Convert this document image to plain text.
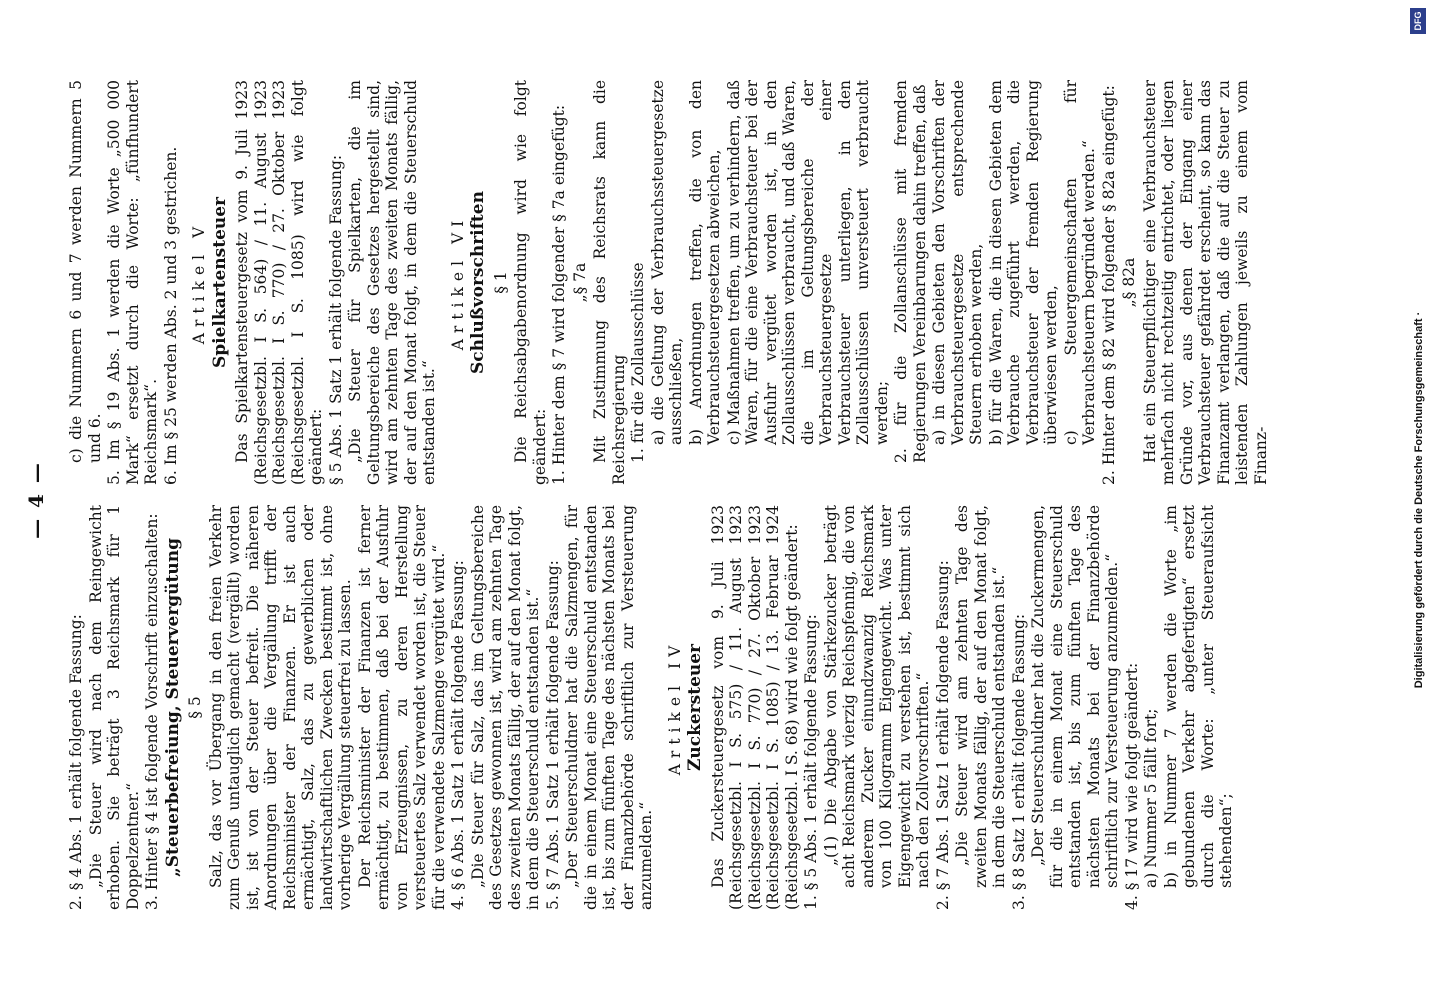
— 4 —
2. § 4 Abs. 1 erhält folgende Fassung: „Die Steuer wird nach dem Reingewicht erhoben. Sie beträgt 3 Reichsmark für 1 Doppelzentner.“ 3. Hinter § 4 ist folgende Vorschrift einzuschalten: „Steuerbefreiung, Steuervergütung § 5 Salz, das vor Übergang in den freien Verkehr zum Genuß untauglich gemacht (vergällt) worden ist, ist von der Steuer befreit. Die näheren Anordnungen über die Vergällung trifft der Reichsminister der Finanzen. Er ist auch ermächtigt, Salz, das zu gewerblichen oder landwirtschaftlichen Zwecken bestimmt ist, ohne vorherige Vergällung steuerfrei zu lassen. Der Reichsminister der Finanzen ist ferner ermächtigt, zu bestimmen, daß bei der Ausfuhr von Erzeugnissen, zu deren Herstellung versteuertes Salz verwendet worden ist, die Steuer für die verwendete Salzmenge vergütet wird.“ 4. § 6 Abs. 1 Satz 1 erhält folgende Fassung: „Die Steuer für Salz, das im Geltungsbereiche des Gesetzes gewonnen ist, wird am zehnten Tage des zweiten Monats fällig, der auf den Monat folgt, in dem die Steuerschuld entstanden ist.“ 5. § 7 Abs. 1 Satz 1 erhält folgende Fassung: „Der Steuerschuldner hat die Salzmengen, für die in einem Monat eine Steuerschuld entstanden ist, bis zum fünften Tage des nächsten Monats bei der Finanzbehörde schriftlich zur Versteuerung anzumelden.“
Artikel IV Zuckersteuer Das Zuckersteuergesetz vom 9. Juli 1923 (Reichsgesetzbl. I S. 575) / 11. August 1923 (Reichsgesetzbl. I S. 770) / 27. Oktober 1923 (Reichsgesetzbl. I S. 1085) / 13. Februar 1924 (Reichsgesetzbl. I S. 68) wird wie folgt geändert: 1. § 5 Abs. 1 erhält folgende Fassung: „(1) Die Abgabe von Stärkezucker beträgt acht Reichsmark vierzig Reichspfennig, die von anderem Zucker einundzwanzig Reichsmark von 100 Kilogramm Eigengewicht. Was unter Eigengewicht zu verstehen ist, bestimmt sich nach den Zollvorschriften.“ 2. § 7 Abs. 1 Satz 1 erhält folgende Fassung: „Die Steuer wird am zehnten Tage des zweiten Monats fällig, der auf den Monat folgt, in dem die Steuerschuld entstanden ist.“ 3. § 8 Satz 1 erhält folgende Fassung: „Der Steuerschuldner hat die Zuckermengen, für die in einem Monat eine Steuerschuld entstanden ist, bis zum fünften Tage des nächsten Monats bei der Finanzbehörde schriftlich zur Versteuerung anzumelden.“ 4. § 17 wird wie folgt geändert: a) Nummer 5 fällt fort; b) in Nummer 7 werden die Worte „im gebundenen Verkehr abgefertigten“ ersetzt durch die Worte: „unter Steueraufsicht stehenden“;
c) die Nummern 6 und 7 werden Nummern 5 und 6. 5. Im § 19 Abs. 1 werden die Worte „500 000 Mark“ ersetzt durch die Worte: „fünfhundert Reichsmark“. 6. Im § 25 werden Abs. 2 und 3 gestrichen. Artikel V Spielkartensteuer Das Spielkartensteuergesetz vom 9. Juli 1923 (Reichsgesetzbl. I S. 564) / 11. August 1923 (Reichsgesetzbl. I S. 770) / 27. Oktober 1923 (Reichsgesetzbl. I S. 1085) wird wie folgt geändert: § 5 Abs. 1 Satz 1 erhält folgende Fassung: „Die Steuer für Spielkarten, die im Geltungsbereiche des Gesetzes hergestellt sind, wird am zehnten Tage des zweiten Monats fällig, der auf den Monat folgt, in dem die Steuerschuld entstanden ist.“
Artikel VI Schlußvorschriften § 1 Die Reichsabgabenordnung wird wie folgt geändert: 1. Hinter dem § 7 wird folgender § 7a eingefügt: „§ 7a Mit Zustimmung des Reichsrats kann die Reichsregierung 1. für die Zollausschlüsse a) die Geltung der Verbrauchssteuergesetze ausschließen, b) Anordnungen treffen, die von den Verbrauchsteuergesetzen abweichen, c) Maßnahmen treffen, um zu verhindern, daß Waren, für die eine Verbrauchsteuer bei der Ausfuhr vergütet worden ist, in den Zollausschlüssen verbraucht, und daß Waren, die im Geltungsbereiche der Verbrauchsteuergesetze einer Verbrauchsteuer unterliegen, in den Zollausschlüssen unversteuert verbraucht werden; 2. für die Zollanschlüsse mit fremden Regierungen Vereinbarungen dahin treffen, daß a) in diesen Gebieten den Vorschriften der Verbrauchsteuergesetze entsprechende Steuern erhoben werden, b) für die Waren, die in diesen Gebieten dem Verbrauche zugeführt werden, die Verbrauchsteuer der fremden Regierung überwiesen werden, c) Steuergemeinschaften für Verbrauchsteuern begründet werden.“ 2. Hinter dem § 82 wird folgender § 82a eingefügt: „§ 82a Hat ein Steuerpflichtiger eine Verbrauchsteuer mehrfach nicht rechtzeitig entrichtet, oder liegen Gründe vor, aus denen der Eingang einer Verbrauchsteuer gefährdet erscheint, so kann das Finanzamt verlangen, daß die auf die Steuer zu leistenden Zahlungen jeweils zu einem vom Finanz-
DFG
Digitalisierung gefördert durch die Deutsche Forschungsgemeinschaft ·
